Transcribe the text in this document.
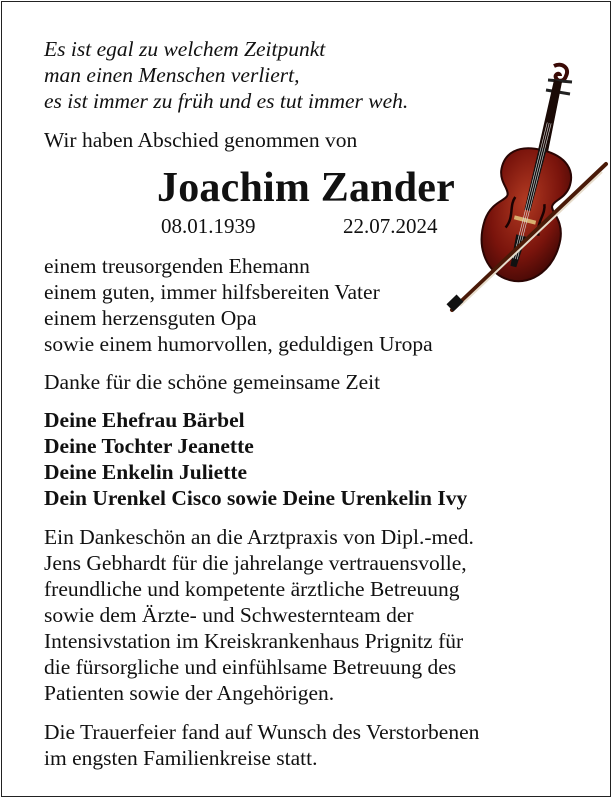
Es ist egal zu welchem Zeitpunkt
man einen Menschen verliert,
es ist immer zu früh und es tut immer weh.
Wir haben Abschied genommen von
Joachim Zander
08.01.1939	22.07.2024
einem treusorgenden Ehemann
einem guten, immer hilfsbereiten Vater
einem herzensguten Opa
sowie einem humorvollen, geduldigen Uropa
Danke für die schöne gemeinsame Zeit
Deine Ehefrau Bärbel
Deine Tochter Jeanette
Deine Enkelin Juliette
Dein Urenkel Cisco sowie Deine Urenkelin Ivy
Ein Dankeschön an die Arztpraxis von Dipl.-med.
Jens Gebhardt für die jahrelange vertrauensvolle,
freundliche und kompetente ärztliche Betreuung
sowie dem Ärzte- und Schwesternteam der
Intensivstation im Kreiskrankenhaus Prignitz für
die fürsorgliche und einfühlsame Betreuung des
Patienten sowie der Angehörigen.
Die Trauerfeier fand auf Wunsch des Verstorbenen
im engsten Familienkreise statt.
